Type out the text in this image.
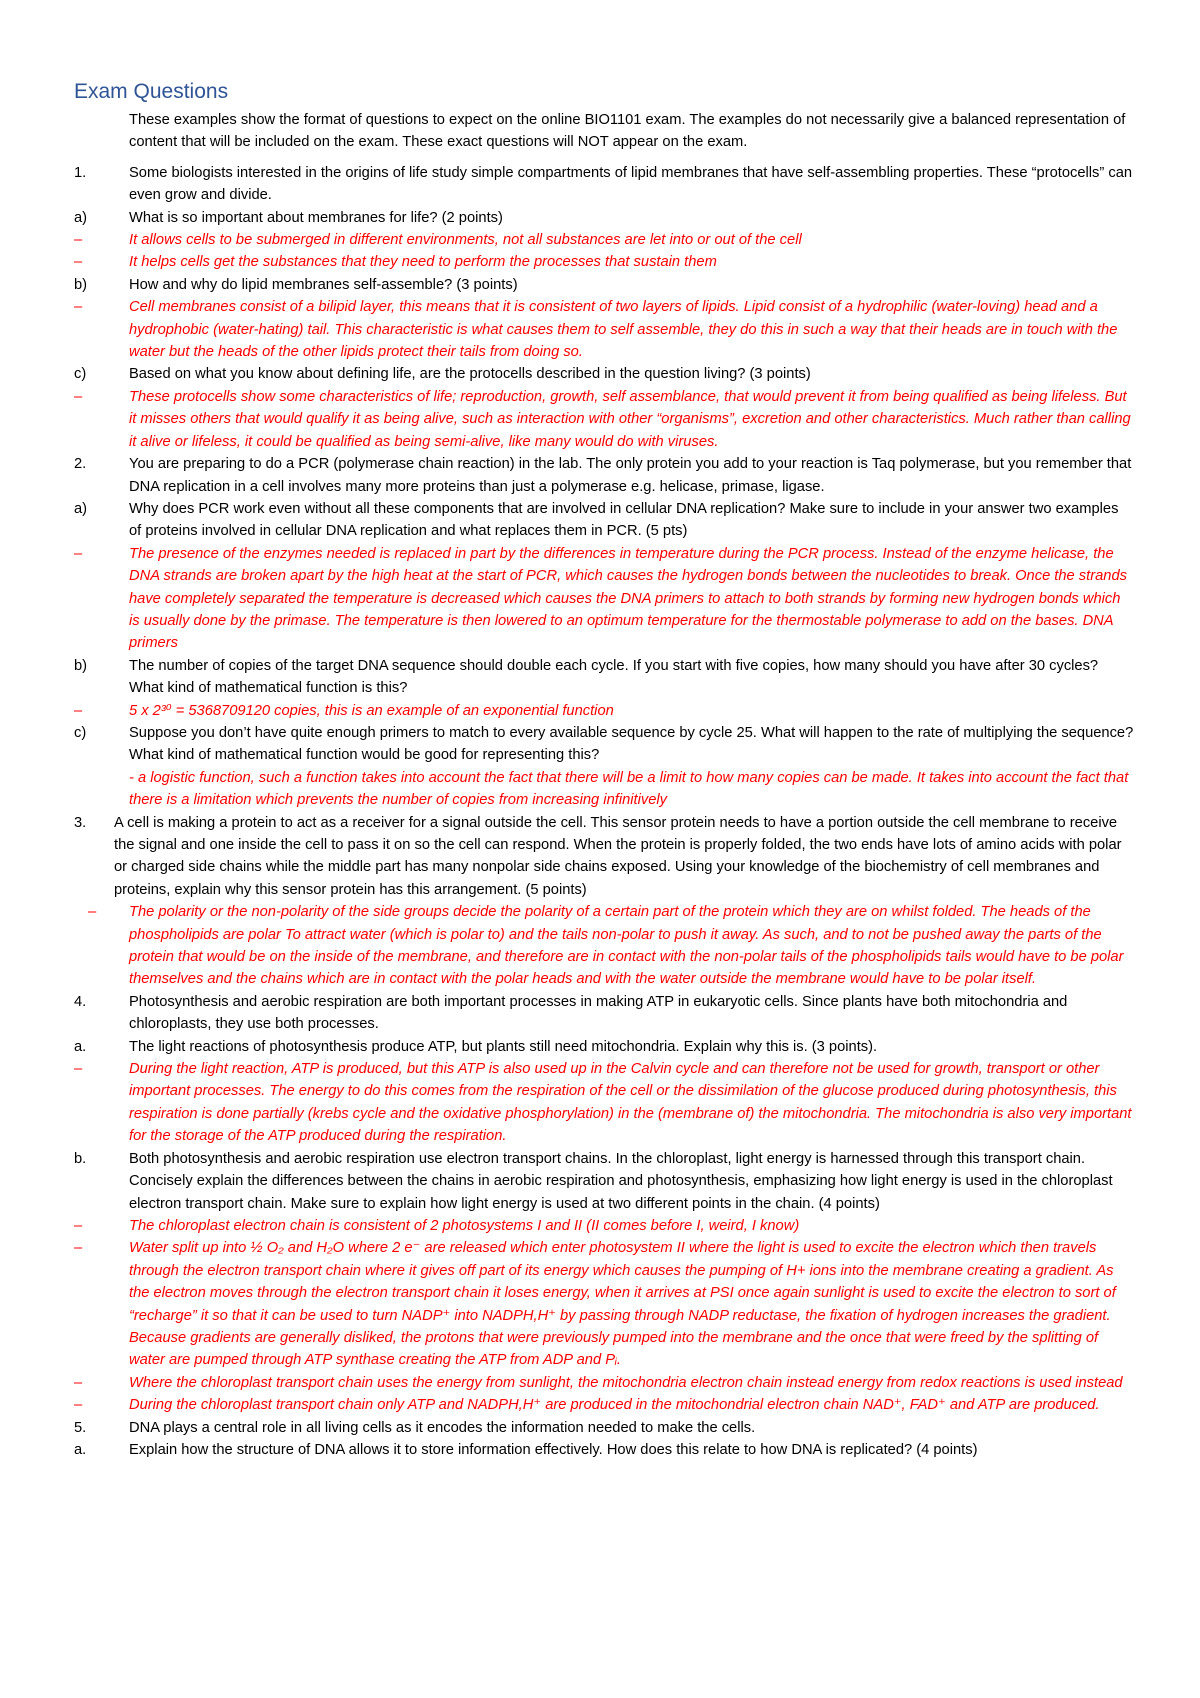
Exam Questions
These examples show the format of questions to expect on the online BIO1101 exam. The examples do not necessarily give a balanced representation of content that will be included on the exam. These exact questions will NOT appear on the exam.
1.	Some biologists interested in the origins of life study simple compartments of lipid membranes that have self-assembling properties. These “protocells” can even grow and divide.
a)	What is so important about membranes for life? (2 points)
–	It allows cells to be submerged in different environments, not all substances are let into or out of the cell
–	It helps cells get the substances that they need to perform the processes that sustain them
b)	How and why do lipid membranes self-assemble? (3 points)
–	Cell membranes consist of a bilipid layer, this means that it is consistent of two layers of lipids. Lipid consist of a hydrophilic (water-loving) head and a hydrophobic (water-hating) tail. This characteristic is what causes them to self assemble, they do this in such a way that their heads are in touch with the water but the heads of the other lipids protect their tails from doing so.
c)	Based on what you know about defining life, are the protocells described in the question living? (3 points)
–	These protocells show some characteristics of life; reproduction, growth, self assemblance, that would prevent it from being qualified as being lifeless. But it misses others that would qualify it as being alive, such as interaction with other “organisms”, excretion and other characteristics. Much rather than calling it alive or lifeless, it could be qualified as being semi-alive, like many would do with viruses.
2.	You are preparing to do a PCR (polymerase chain reaction) in the lab. The only protein you add to your reaction is Taq polymerase, but you remember that DNA replication in a cell involves many more proteins than just a polymerase e.g. helicase, primase, ligase.
a)	Why does PCR work even without all these components that are involved in cellular DNA replication? Make sure to include in your answer two examples of proteins involved in cellular DNA replication and what replaces them in PCR. (5 pts)
–	The presence of the enzymes needed is replaced in part by the differences in temperature during the PCR process. Instead of the enzyme helicase, the DNA strands are broken apart by the high heat at the start of PCR, which causes the hydrogen bonds between the nucleotides to break. Once the strands have completely separated the temperature is decreased which causes the DNA primers to attach to both strands by forming new hydrogen bonds which is usually done by the primase. The temperature is then lowered to an optimum temperature for the thermostable polymerase to add on the bases. DNA primers
b)	The number of copies of the target DNA sequence should double each cycle. If you start with five copies, how many should you have after 30 cycles? What kind of mathematical function is this?
–	5 x 2³⁰ = 5368709120 copies, this is an example of an exponential function
c)	Suppose you don’t have quite enough primers to match to every available sequence by cycle 25. What will happen to the rate of multiplying the sequence? What kind of mathematical function would be good for representing this?
- a logistic function, such a function takes into account the fact that there will be a limit to how many copies can be made. It takes into account the fact that there is a limitation which prevents the number of copies from increasing infinitively
3.	A cell is making a protein to act as a receiver for a signal outside the cell. This sensor protein needs to have a portion outside the cell membrane to receive the signal and one inside the cell to pass it on so the cell can respond. When the protein is properly folded, the two ends have lots of amino acids with polar or charged side chains while the middle part has many nonpolar side chains exposed. Using your knowledge of the biochemistry of cell membranes and proteins, explain why this sensor protein has this arrangement. (5 points)
–	The polarity or the non-polarity of the side groups decide the polarity of a certain part of the protein which they are on whilst folded. The heads of the phospholipids are polar To attract water (which is polar to) and the tails non-polar to push it away. As such, and to not be pushed away the parts of the protein that would be on the inside of the membrane, and therefore are in contact with the non-polar tails of the phospholipids tails would have to be polar themselves and the chains which are in contact with the polar heads and with the water outside the membrane would have to be polar itself.
4.	Photosynthesis and aerobic respiration are both important processes in making ATP in eukaryotic cells. Since plants have both mitochondria and chloroplasts, they use both processes.
a.	The light reactions of photosynthesis produce ATP, but plants still need mitochondria. Explain why this is. (3 points).
–	During the light reaction, ATP is produced, but this ATP is also used up in the Calvin cycle and can therefore not be used for growth, transport or other important processes. The energy to do this comes from the respiration of the cell or the dissimilation of the glucose produced during photosynthesis, this respiration is done partially (krebs cycle and the oxidative phosphorylation) in the (membrane of) the mitochondria. The mitochondria is also very important for the storage of the ATP produced during the respiration.
b.	Both photosynthesis and aerobic respiration use electron transport chains. In the chloroplast, light energy is harnessed through this transport chain. Concisely explain the differences between the chains in aerobic respiration and photosynthesis, emphasizing how light energy is used in the chloroplast electron transport chain. Make sure to explain how light energy is used at two different points in the chain. (4 points)
–	The chloroplast electron chain is consistent of 2 photosystems I and II (II comes before I, weird, I know)
–	Water split up into ½ O₂ and H₂O where 2 e⁻ are released which enter photosystem II where the light is used to excite the electron which then travels through the electron transport chain where it gives off part of its energy which causes the pumping of H+ ions into the membrane creating a gradient. As the electron moves through the electron transport chain it loses energy, when it arrives at PSI once again sunlight is used to excite the electron to sort of “recharge” it so that it can be used to turn NADP⁺ into NADPH,H⁺ by passing through NADP reductase, the fixation of hydrogen increases the gradient. Because gradients are generally disliked, the protons that were previously pumped into the membrane and the once that were freed by the splitting of water are pumped through ATP synthase creating the ATP from ADP and Pᵢ.
–	Where the chloroplast transport chain uses the energy from sunlight, the mitochondria electron chain instead energy from redox reactions is used instead
–	During the chloroplast transport chain only ATP and NADPH,H⁺ are produced in the mitochondrial electron chain NAD⁺, FAD⁺ and ATP are produced.
5.	DNA plays a central role in all living cells as it encodes the information needed to make the cells.
a.	Explain how the structure of DNA allows it to store information effectively. How does this relate to how DNA is replicated? (4 points)
